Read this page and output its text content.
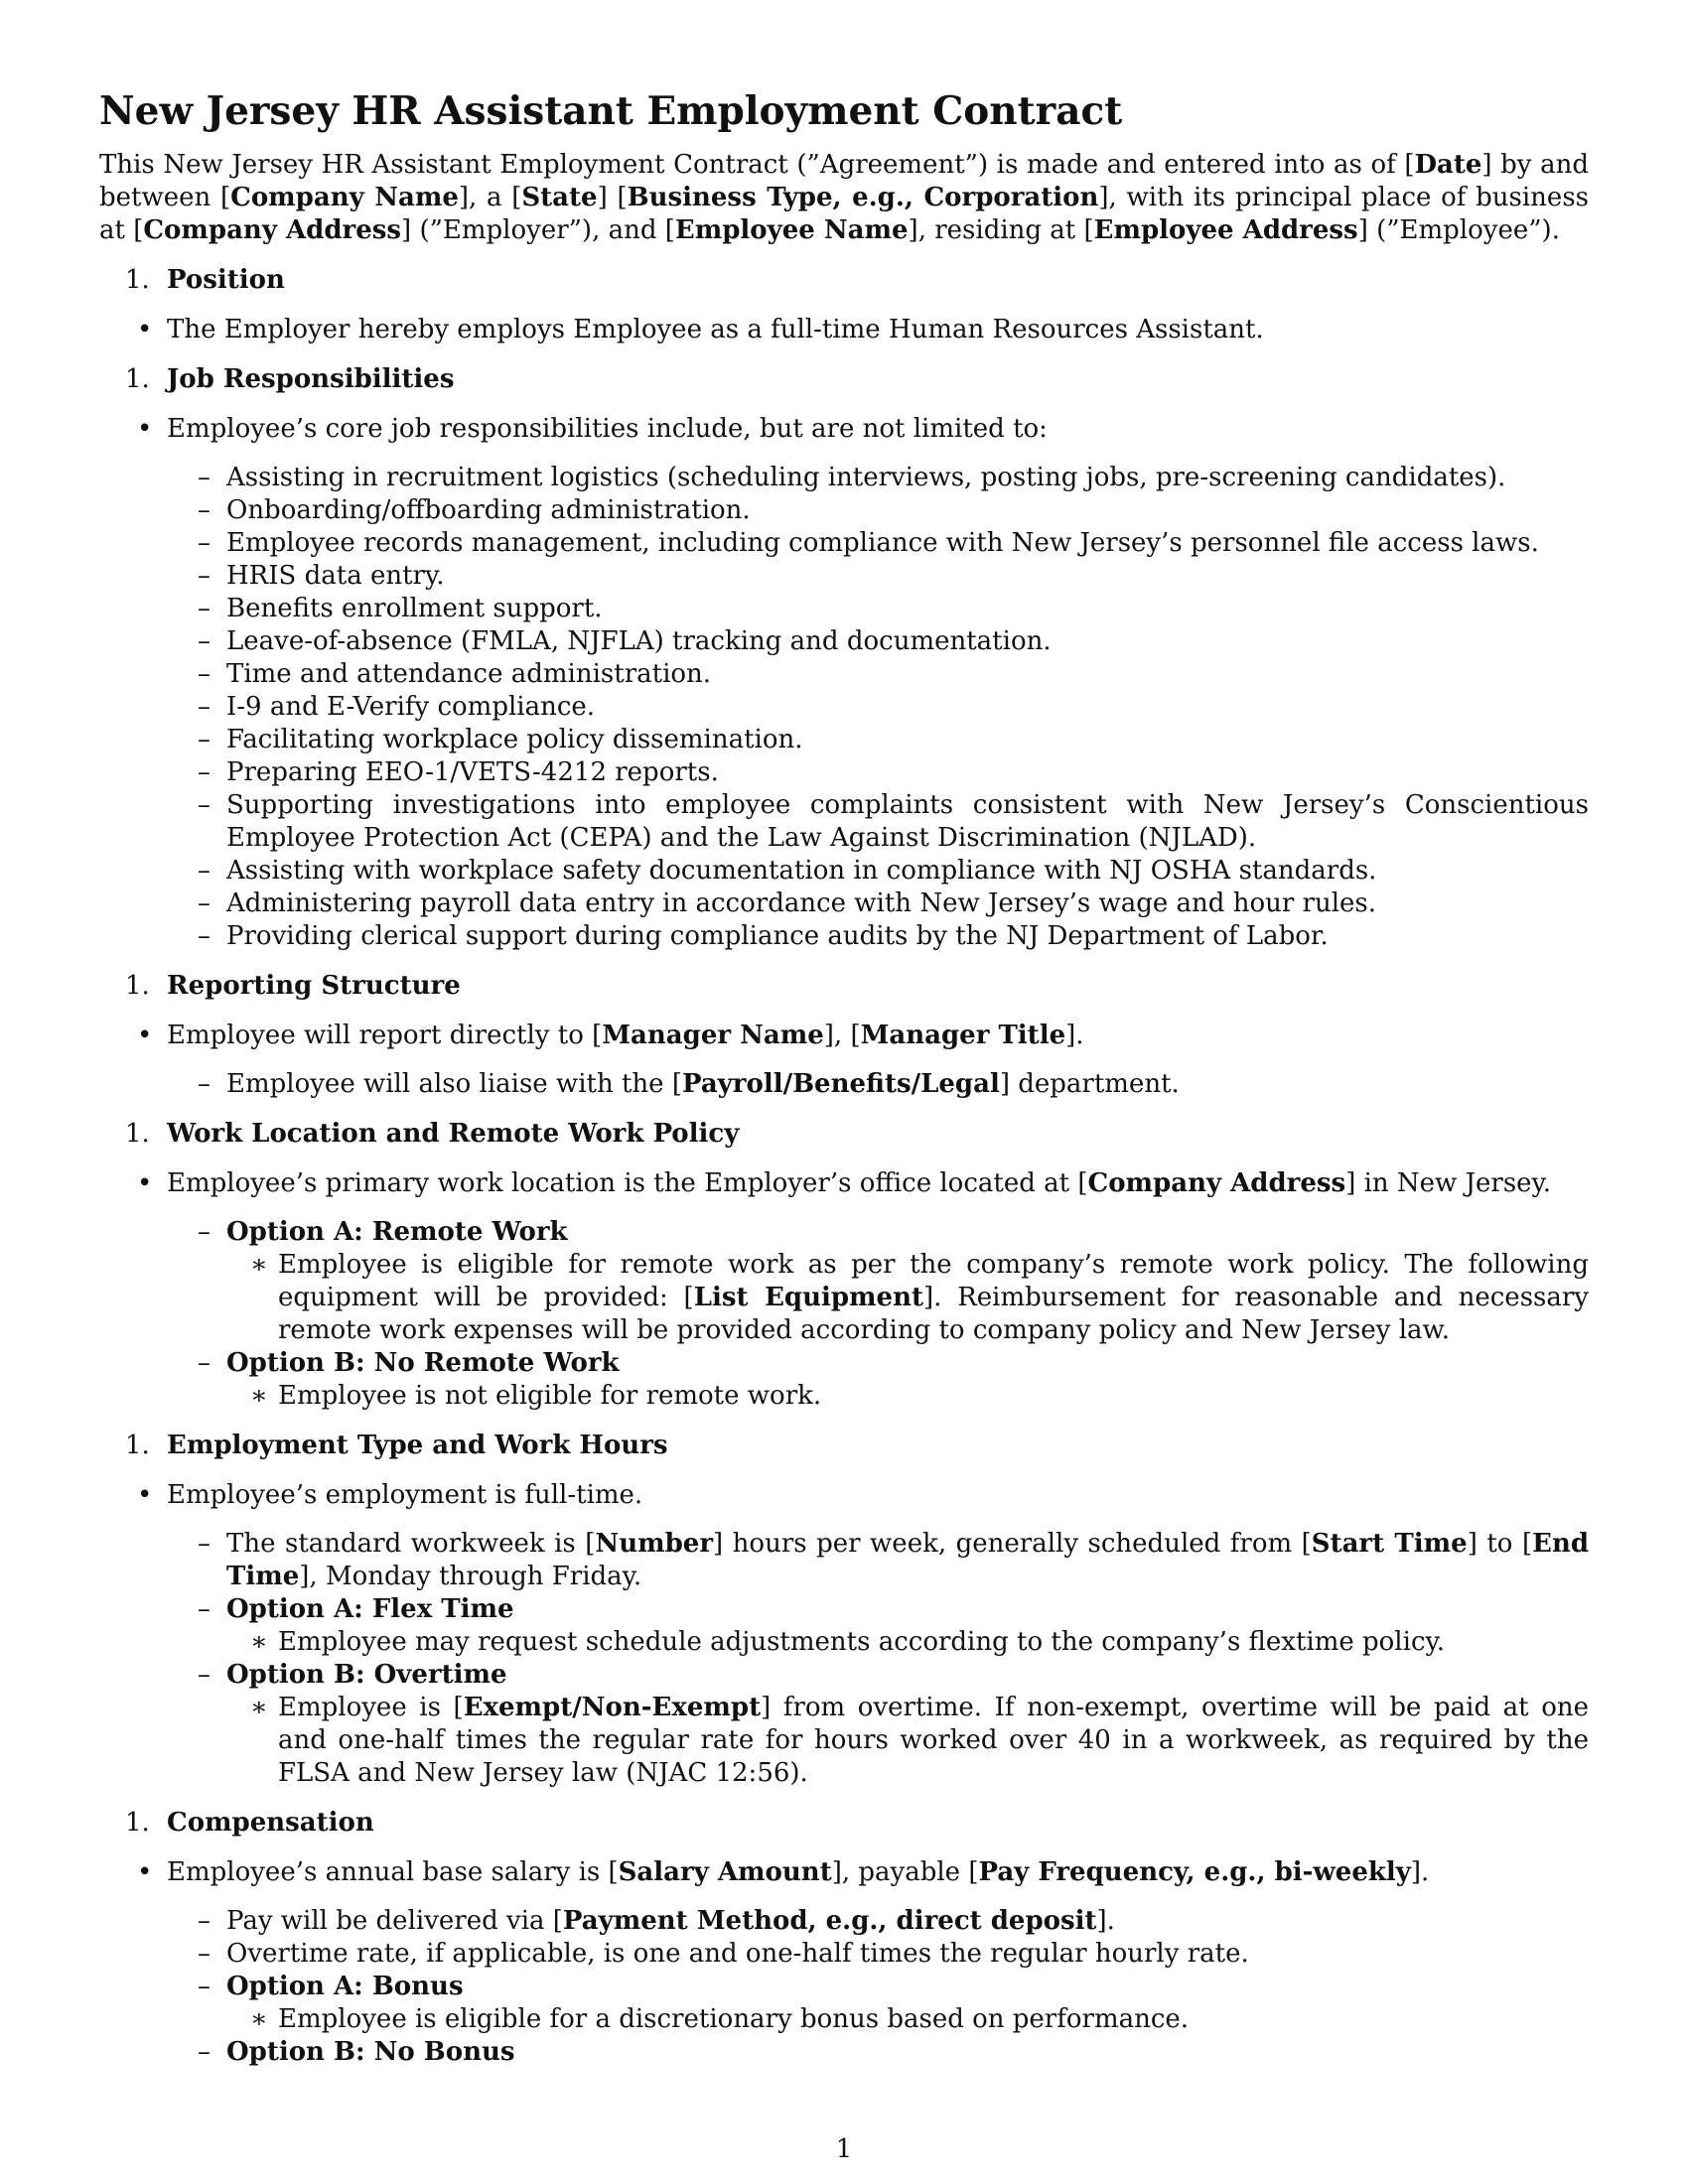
New Jersey HR Assistant Employment Contract

This New Jersey HR Assistant Employment Contract (”Agreement”) is made and entered into as of [Date] by and between [Company Name], a [State] [Business Type, e.g., Corporation], with its principal place of business at [Company Address] (”Employer”), and [Employee Name], residing at [Employee Address] (”Employee”).

1. Position
• The Employer hereby employs Employee as a full-time Human Resources Assistant.
1. Job Responsibilities
• Employee’s core job responsibilities include, but are not limited to:
– Assisting in recruitment logistics (scheduling interviews, posting jobs, pre-screening candidates).
– Onboarding/offboarding administration.
– Employee records management, including compliance with New Jersey’s personnel file access laws.
– HRIS data entry.
– Benefits enrollment support.
– Leave-of-absence (FMLA, NJFLA) tracking and documentation.
– Time and attendance administration.
– I-9 and E-Verify compliance.
– Facilitating workplace policy dissemination.
– Preparing EEO-1/VETS-4212 reports.
– Supporting investigations into employee complaints consistent with New Jersey’s Conscientious Employee Protection Act (CEPA) and the Law Against Discrimination (NJLAD).
– Assisting with workplace safety documentation in compliance with NJ OSHA standards.
– Administering payroll data entry in accordance with New Jersey’s wage and hour rules.
– Providing clerical support during compliance audits by the NJ Department of Labor.
1. Reporting Structure
• Employee will report directly to [Manager Name], [Manager Title].
– Employee will also liaise with the [Payroll/Benefits/Legal] department.
1. Work Location and Remote Work Policy
• Employee’s primary work location is the Employer’s office located at [Company Address] in New Jersey.
– Option A: Remote Work
∗ Employee is eligible for remote work as per the company’s remote work policy. The following equipment will be provided: [List Equipment]. Reimbursement for reasonable and necessary remote work expenses will be provided according to company policy and New Jersey law.
– Option B: No Remote Work
∗ Employee is not eligible for remote work.
1. Employment Type and Work Hours
• Employee’s employment is full-time.
– The standard workweek is [Number] hours per week, generally scheduled from [Start Time] to [End Time], Monday through Friday.
– Option A: Flex Time
∗ Employee may request schedule adjustments according to the company’s flextime policy.
– Option B: Overtime
∗ Employee is [Exempt/Non-Exempt] from overtime. If non-exempt, overtime will be paid at one and one-half times the regular rate for hours worked over 40 in a workweek, as required by the FLSA and New Jersey law (NJAC 12:56).
1. Compensation
• Employee’s annual base salary is [Salary Amount], payable [Pay Frequency, e.g., bi-weekly].
– Pay will be delivered via [Payment Method, e.g., direct deposit].
– Overtime rate, if applicable, is one and one-half times the regular hourly rate.
– Option A: Bonus
∗ Employee is eligible for a discretionary bonus based on performance.
– Option B: No Bonus
1
